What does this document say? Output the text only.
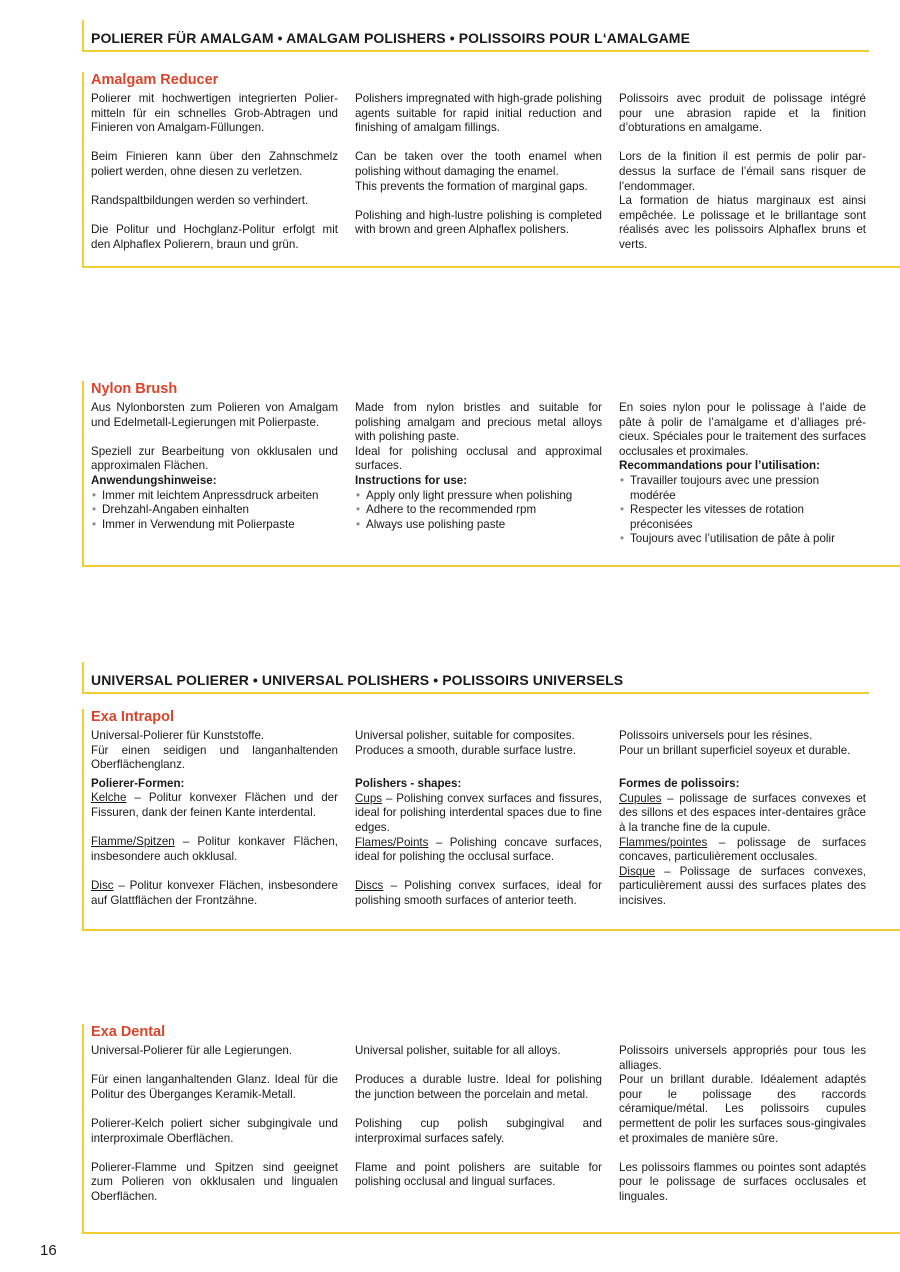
POLIERER FÜR AMALGAM • AMALGAM POLISHERS • POLISSOIRS POUR L‘AMALGAME
Amalgam Reducer

Polierer mit hochwertigen integrierten Poliermitteln für ein schnelles Grob-Abtragen und Finieren von Amalgam-Füllungen.

Beim Finieren kann über den Zahnschmelz poliert werden, ohne diesen zu verletzen.

Randspaltbildungen werden so verhindert.

Die Politur und Hochglanz-Politur erfolgt mit den Alphaflex Polierern, braun und grün.

Polishers impregnated with high-grade polishing agents suitable for rapid initial reduction and finishing of amalgam fillings.

Can be taken over the tooth enamel when polishing without damaging the enamel.

This prevents the formation of marginal gaps.

Polishing and high-lustre polishing is completed with brown and green Alphaflex polishers.

Polissoirs avec produit de polissage intégré pour une abrasion rapide et la finition d’obturations en amalgame.

Lors de la finition il est permis de polir pardessus la surface de l’émail sans risquer de l’endommager.

La formation de hiatus marginaux est ainsi empêchée. Le polissage et le brillantage sont réalisés avec les polissoirs Alphaflex bruns et verts.

Nylon Brush

Aus Nylonborsten zum Polieren von Amalgam und Edelmetall-Legierungen mit Polierpaste.

Speziell zur Bearbeitung von okklusalen und approximalen Flächen.

Anwendungshinweise:
• Immer mit leichtem Anpressdruck arbeiten
• Drehzahl-Angaben einhalten
• Immer in Verwendung mit Polierpaste

Made from nylon bristles and suitable for polishing amalgam and precious metal alloys with polishing paste.

Ideal for polishing occlusal and approximal surfaces.

Instructions for use:
• Apply only light pressure when polishing
• Adhere to the recommended rpm
• Always use polishing paste

En soies nylon pour le polissage à l’aide de pâte à polir de l’amalgame et d’alliages précieux. Spéciales pour le traitement des surfaces occlusales et proximales.

Recommandations pour l’utilisation:
• Travailler toujours avec une pression modérée
• Respecter les vitesses de rotation préconisées
• Toujours avec l’utilisation de pâte à polir
UNIVERSAL POLIERER • UNIVERSAL POLISHERS • POLISSOIRS UNIVERSELS
Exa Intrapol

Universal-Polierer für Kunststoffe.

Für einen seidigen und langanhaltenden Oberflächenglanz.

Polierer-Formen:

Kelche – Politur konvexer Flächen und der Fissuren, dank der feinen Kante interdental.

Flamme/Spitzen – Politur konkaver Flächen, insbesondere auch okklusal.

Disc – Politur konvexer Flächen, insbesondere auf Glattflächen der Frontzähne.

Universal polisher, suitable for composites.

Produces a smooth, durable surface lustre.

Polishers - shapes:

Cups – Polishing convex surfaces and fissures, ideal for polishing interdental spaces due to fine edges.

Flames/Points – Polishing concave surfaces, ideal for polishing the occlusal surface.

Discs – Polishing convex surfaces, ideal for polishing smooth surfaces of anterior teeth.

Polissoirs universels pour les résines.

Pour un brillant superficiel soyeux et durable.

Formes de polissoirs:

Cupules – polissage de surfaces convexes et des sillons et des espaces inter-dentaires grâce à la tranche fine de la cupule.

Flammes/pointes – polissage de surfaces concaves, particulièrement occlusales.

Disque – Polissage de surfaces convexes, particulièrement aussi des surfaces plates des incisives.

Exa Dental

Universal-Polierer für alle Legierungen.

Für einen langanhaltenden Glanz. Ideal für die Politur des Überganges Keramik-Metall.

Polierer-Kelch poliert sicher subgingivale und interproximale Oberflächen.

Polierer-Flamme und Spitzen sind geeignet zum Polieren von okklusalen und lingualen Oberflächen.

Universal polisher, suitable for all alloys.

Produces a durable lustre. Ideal for polishing the junction between the porcelain and metal.

Polishing cup polish subgingival and interproximal surfaces safely.

Flame and point polishers are suitable for polishing occlusal and lingual surfaces.

Polissoirs universels appropriés pour tous les alliages.

Pour un brillant durable. Idéalement adaptés pour le polissage des raccords céramique/métal. Les polissoirs cupules permettent de polir les surfaces sous-gingivales et proximales de manière sûre.

Les polissoirs flammes ou pointes sont adaptés pour le polissage de surfaces occlusales et linguales.

16
